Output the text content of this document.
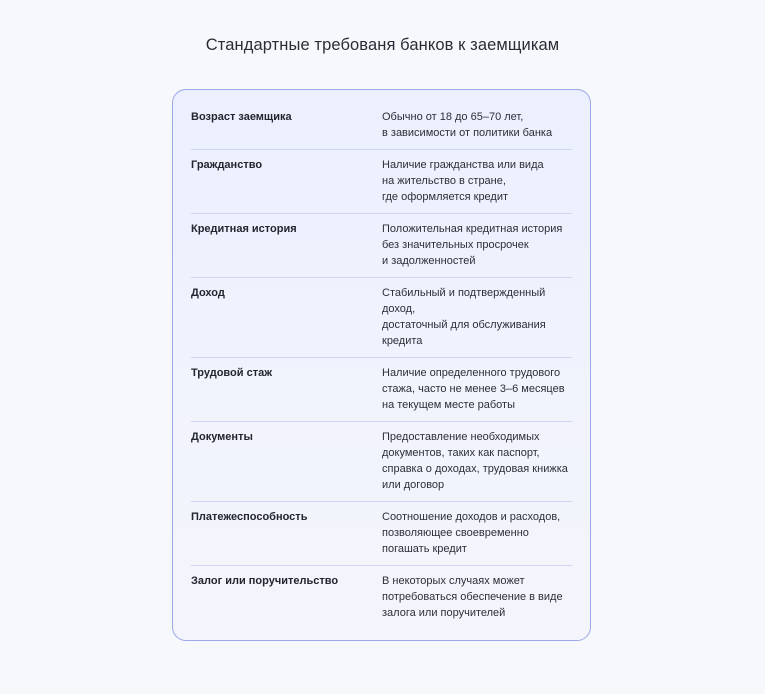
Стандартные требованя банков к заемщикам
Возраст заемщика	Обычно от 18 до 65–70 лет,
в зависимости от политики банка
Гражданство	Наличие гражданства или вида
на жительство в стране,
где оформляется кредит
Кредитная история	Положительная кредитная история
без значительных просрочек
и задолженностей
Доход	Стабильный и подтвержденный доход,
достаточный для обслуживания
кредита
Трудовой стаж	Наличие определенного трудового
стажа, часто не менее 3–6 месяцев
на текущем месте работы
Документы	Предоставление необходимых
документов, таких как паспорт,
справка о доходах, трудовая книжка
или договор
Платежеспособность	Соотношение доходов и расходов,
позволяющее своевременно
погашать кредит
Залог или поручительство	В некоторых случаях может
потребоваться обеспечение в виде
залога или поручителей
